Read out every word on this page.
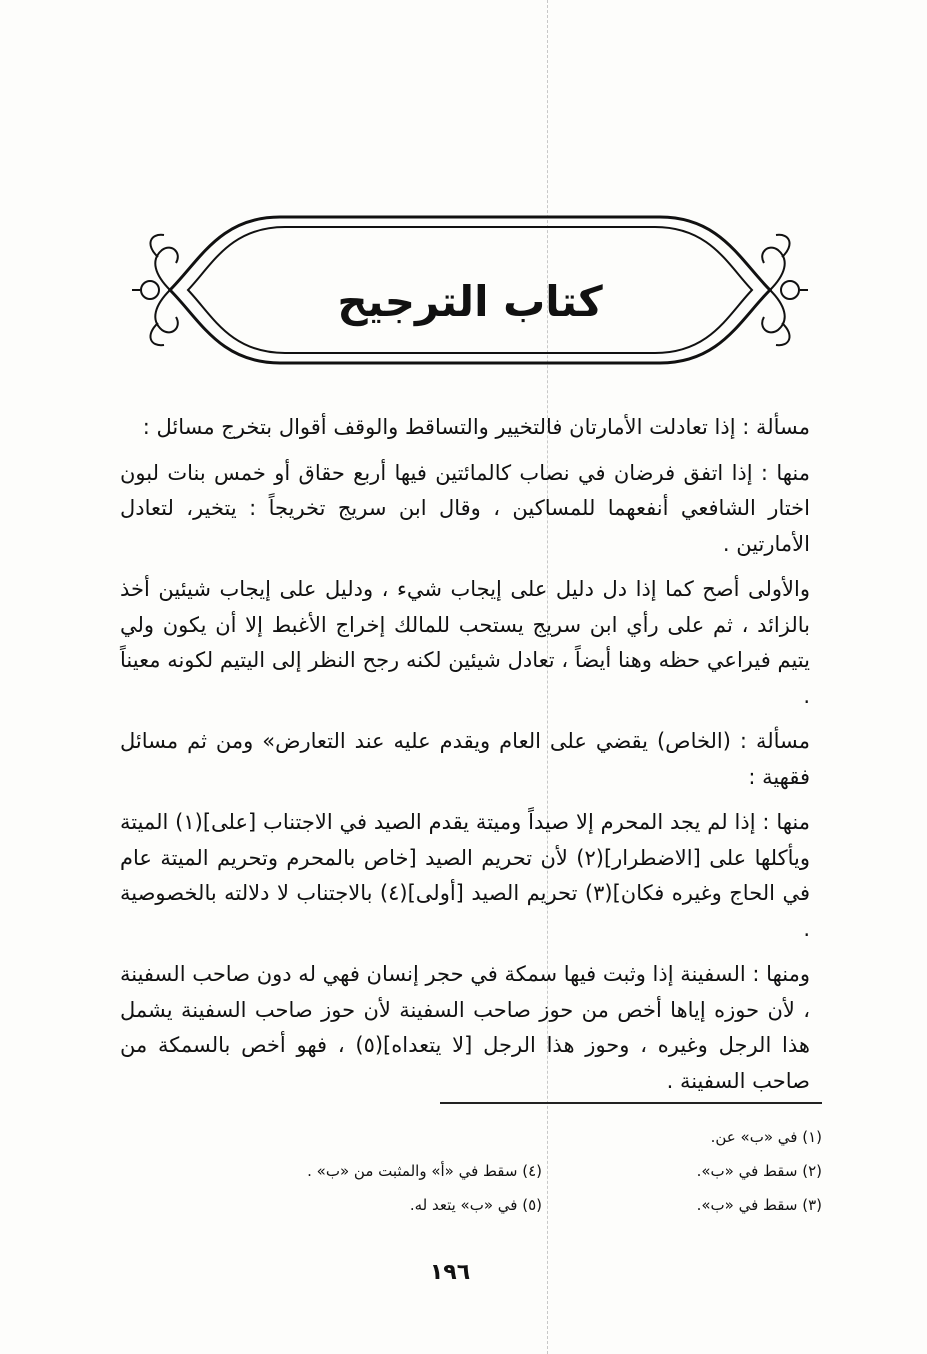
كتاب الترجيح

مسألة : إذا تعادلت الأمارتان فالتخيير والتساقط والوقف أقوال بتخرج مسائل :

منها : إذا اتفق فرضان في نصاب كالمائتين فيها أربع حقاق أو خمس بنات لبون اختار الشافعي أنفعهما للمساكين ، وقال ابن سريج تخريجاً : يتخير، لتعادل الأمارتين .

والأولى أصح كما إذا دل دليل على إيجاب شيء ، ودليل على إيجاب شيئين أخذ بالزائد ، ثم على رأي ابن سريج يستحب للمالك إخراج الأغبط إلا أن يكون ولي يتيم فيراعي حظه وهنا أيضاً ، تعادل شيئين لكنه رجح النظر إلى اليتيم لكونه معيناً .

مسألة : (الخاص) يقضي على العام ويقدم عليه عند التعارض» ومن ثم مسائل فقهية :

منها : إذا لم يجد المحرم إلا صيداً وميتة يقدم الصيد في الاجتناب [على](١) الميتة ويأكلها على [الاضطرار](٢) لأن تحريم الصيد [خاص بالمحرم وتحريم الميتة عام في الحاج وغيره فكان](٣) تحريم الصيد [أولى](٤) بالاجتناب لا دلالته بالخصوصية .

ومنها : السفينة إذا وثبت فيها سمكة في حجر إنسان فهي له دون صاحب السفينة ، لأن حوزه إياها أخص من حوز صاحب السفينة لأن حوز صاحب السفينة يشمل هذا الرجل وغيره ، وحوز هذا الرجل [لا يتعداه](٥) ، فهو أخص بالسمكة من صاحب السفينة .

(١) في «ب» عن.
(٢) سقط في «ب».
(٤) سقط في «أ» والمثبت من «ب» .
(٣) سقط في «ب».
(٥) في «ب» يتعد له.
١٩٦
